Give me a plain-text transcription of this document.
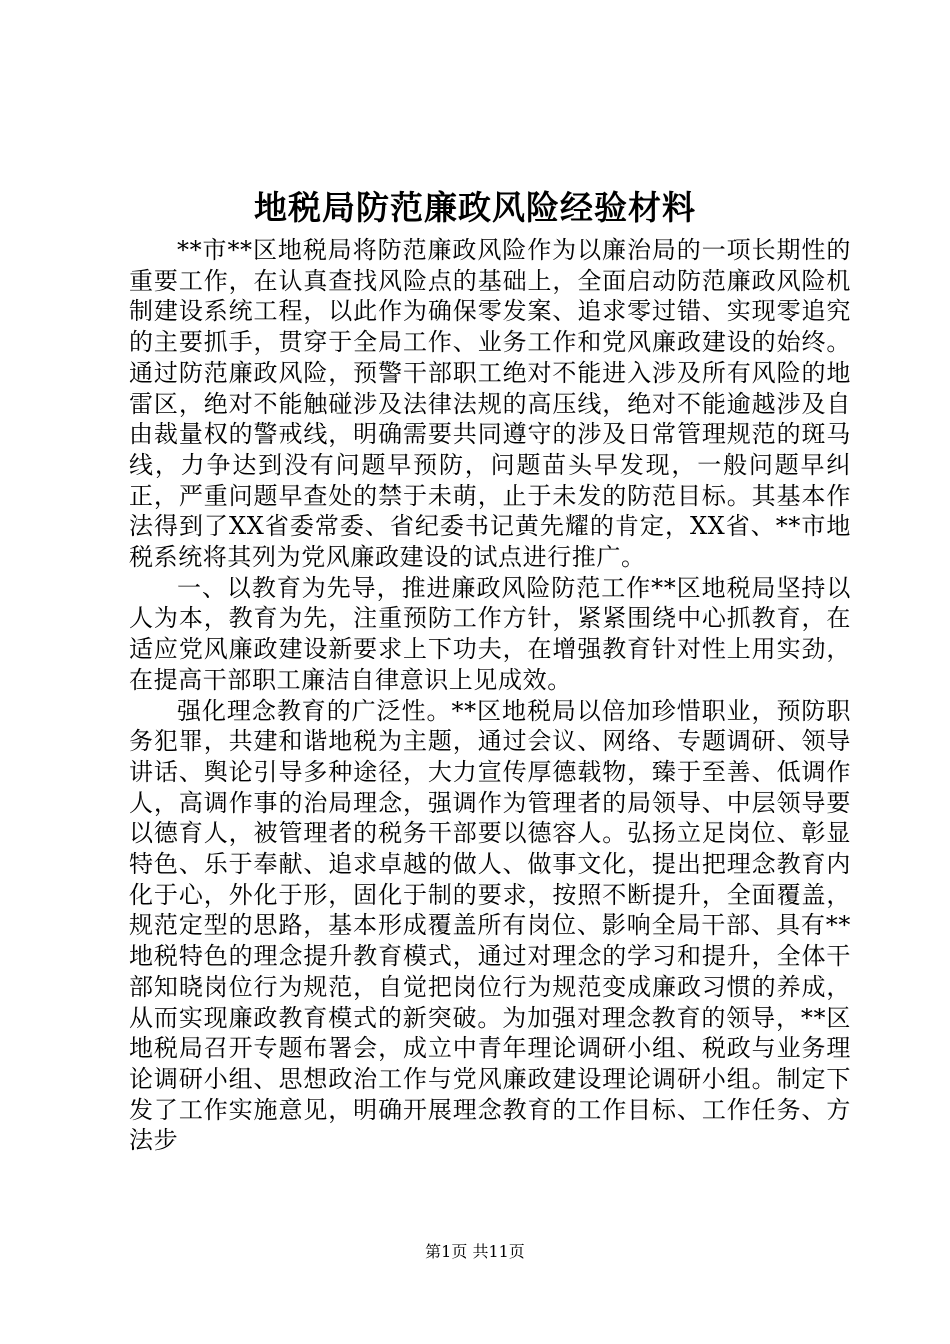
地税局防范廉政风险经验材料

**市**区地税局将防范廉政风险作为以廉治局的一项长期性的重要工作，在认真查找风险点的基础上，全面启动防范廉政风险机制建设系统工程，以此作为确保零发案、追求零过错、实现零追究的主要抓手，贯穿于全局工作、业务工作和党风廉政建设的始终。通过防范廉政风险，预警干部职工绝对不能进入涉及所有风险的地雷区，绝对不能触碰涉及法律法规的高压线，绝对不能逾越涉及自由裁量权的警戒线，明确需要共同遵守的涉及日常管理规范的斑马线，力争达到没有问题早预防，问题苗头早发现，一般问题早纠正，严重问题早查处的禁于未萌，止于未发的防范目标。其基本作法得到了XX省委常委、省纪委书记黄先耀的肯定，XX省、**市地税系统将其列为党风廉政建设的试点进行推广。

一、以教育为先导，推进廉政风险防范工作**区地税局坚持以人为本，教育为先，注重预防工作方针，紧紧围绕中心抓教育，在适应党风廉政建设新要求上下功夫，在增强教育针对性上用实劲，在提高干部职工廉洁自律意识上见成效。

强化理念教育的广泛性。**区地税局以倍加珍惜职业，预防职务犯罪，共建和谐地税为主题，通过会议、网络、专题调研、领导讲话、舆论引导多种途径，大力宣传厚德载物，臻于至善、低调作人，高调作事的治局理念，强调作为管理者的局领导、中层领导要以德育人，被管理者的税务干部要以德容人。弘扬立足岗位、彰显特色、乐于奉献、追求卓越的做人、做事文化，提出把理念教育内化于心，外化于形，固化于制的要求，按照不断提升，全面覆盖，规范定型的思路，基本形成覆盖所有岗位、影响全局干部、具有**地税特色的理念提升教育模式，通过对理念的学习和提升，全体干部知晓岗位行为规范，自觉把岗位行为规范变成廉政习惯的养成，从而实现廉政教育模式的新突破。为加强对理念教育的领导，**区地税局召开专题布署会，成立中青年理论调研小组、税政与业务理论调研小组、思想政治工作与党风廉政建设理论调研小组。制定下发了工作实施意见，明确开展理念教育的工作目标、工作任务、方法步

第1页 共11页
